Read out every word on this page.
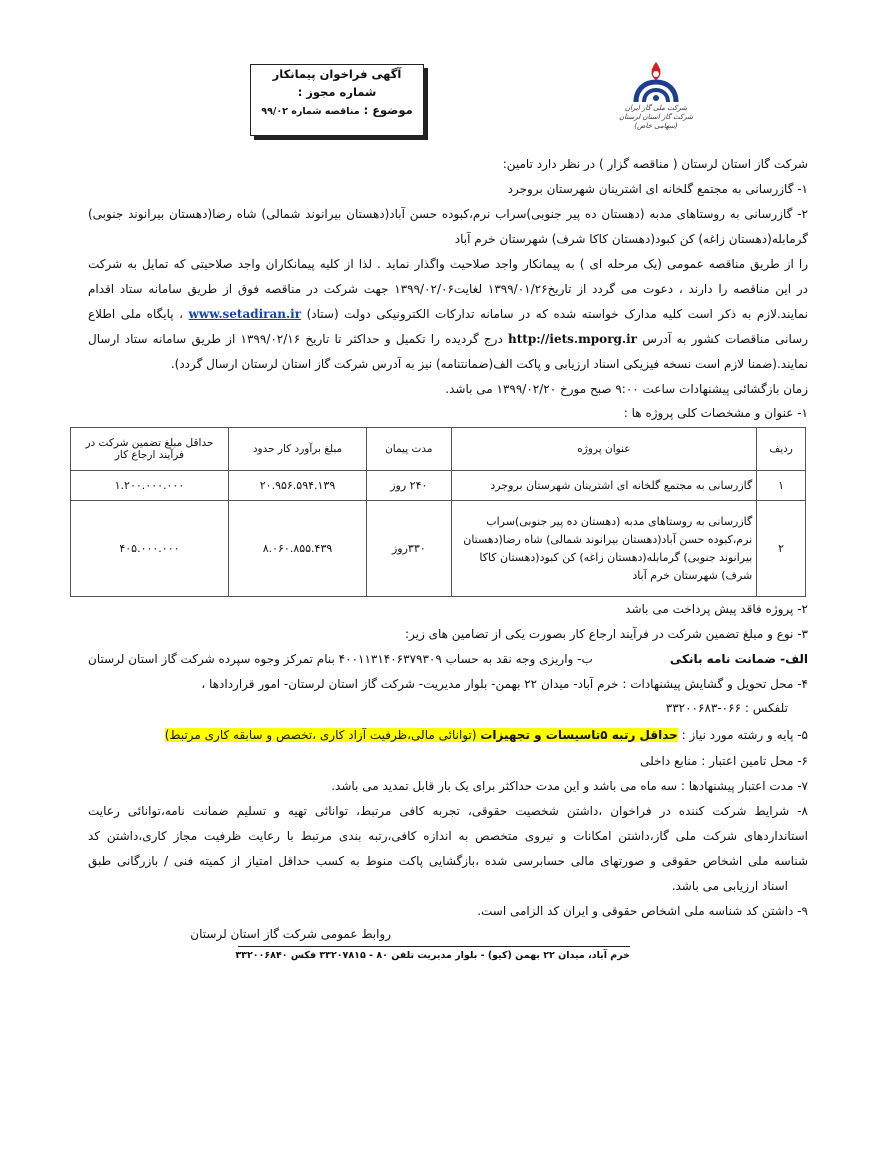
آگهی فراخوان پیمانکار
شماره مجوز :
موضوع : مناقصه شماره ۹۹/۰۲	شرکت ملی گاز ایران
شرکت گاز استان لرستان (سهامی خاص)
شرکت گاز استان لرستان ( مناقصه گزار ) در نظر دارد تامین:
۱- گازرسانی به مجتمع گلخانه ای اشترینان شهرستان بروجرد
۲- گازرسانی به روستاهای مدبه (دهستان ده پیر جنوبی)سراب نرم،کبوده حسن آباد(دهستان بیرانوند شمالی) شاه رضا(دهستان بیرانوند جنوبی)
گرمابله(دهستان زاغه) کن کبود(دهستان کاکا شرف) شهرستان خرم آباد
را از طریق مناقصه عمومی (یک مرحله ای ) به پیمانکار واجد صلاحیت واگذار نماید . لذا از کلیه پیمانکاران واجد صلاحیتی که تمایل به شرکت
در این مناقصه را دارند ، دعوت می گردد از تاریخ۱۳۹۹/۰۱/۲۶ لغایت۱۳۹۹/۰۲/۰۶ جهت شرکت در مناقصه فوق از طریق سامانه ستاد اقدام
نمایند.لازم به ذکر است کلیه مدارک خواسته شده که در سامانه تدارکات الکترونیکی دولت (ستاد) www.setadiran.ir ، پایگاه ملی اطلاع
رسانی مناقصات کشور به آدرس http://iets.mporg.ir درج گردیده را تکمیل و حداکثر تا تاریخ ۱۳۹۹/۰۲/۱۶ از طریق سامانه ستاد ارسال
نمایند.(ضمنا لازم است نسخه فیزیکی اسناد ارزیابی و پاکت الف(ضمانتنامه) نیز به آدرس شرکت گاز استان لرستان ارسال گردد).
زمان بازگشائی پیشنهادات ساعت ۹:۰۰ صبح مورخ ۱۳۹۹/۰۲/۲۰ می باشد.
۱- عنوان و مشخصات کلی پروژه ها :
ردیف	عنوان پروژه	مدت پیمان	مبلغ برآورد کار حدود	حداقل مبلغ تضمین شرکت در فرآیند ارجاع کار
۱	گازرسانی به مجتمع گلخانه ای اشترینان شهرستان بروجرد	۲۴۰ روز	۲۰.۹۵۶.۵۹۴.۱۳۹	۱.۲۰۰.۰۰۰.۰۰۰
۲	گازرسانی به روستاهای مدبه (دهستان ده پیر جنوبی)سراب نرم،کبوده حسن آباد(دهستان بیرانوند شمالی) شاه رضا(دهستان بیرانوند جنوبی) گرمابله(دهستان زاغه) کن کبود(دهستان کاکا شرف) شهرستان خرم آباد	۳۳۰روز	۸.۰۶۰.۸۵۵.۴۳۹	۴۰۵.۰۰۰.۰۰۰
۲- پروژه فاقد پیش پرداخت می باشد
۳- نوع و مبلغ تضمین شرکت در فرآیند ارجاع کار بصورت یکی از تضامین های زیر:
الف- ضمانت نامه بانکی
ب- واریزی وجه نقد به حساب ۴۰۰۱۱۳۱۴۰۶۳۷۹۳۰۹ بنام تمرکز وجوه سپرده شرکت گاز استان لرستان
۴- محل تحویل و گشایش پیشنهادات : خرم آباد- میدان ۲۲ بهمن- بلوار مدیریت- شرکت گاز استان لرستان- امور قراردادها ،
تلفکس : ۰۶۶-۳۳۲۰۰۶۸۳
۵- پایه و رشته مورد نیاز : حداقل رتبه ۵تاسیسات و تجهیزات (توانائی مالی،ظرفیت آزاد کاری ،تخصص و سابقه کاری مرتبط)
۶- محل تامین اعتبار : منابع داخلی
۷- مدت اعتبار پیشنهادها : سه ماه می باشد و این مدت حداکثر برای یک بار قابل تمدید می باشد.
۸- شرایط شرکت کننده در فراخوان ،داشتن شخصیت حقوقی، تجربه کافی مرتبط، توانائی تهیه و تسلیم ضمانت نامه،توانائی رعایت
استانداردهای شرکت ملی گاز،داشتن امکانات و نیروی متخصص به اندازه کافی،رتبه بندی مرتبط با رعایت ظرفیت مجاز کاری،داشتن کد
شناسه ملی اشخاص حقوقی و صورتهای مالی حسابرسی شده ،بازگشایی پاکت منوط به کسب حداقل امتیاز از کمیته فنی / بازرگانی طبق
اسناد ارزیابی می باشد.
۹- داشتن کد شناسه ملی اشخاص حقوقی و ایران کد الزامی است.
روابط عمومی شرکت گاز استان لرستان
خرم آباد، میدان ۲۲ بهمن (کیو) - بلوار مدیریت تلفن ۸۰ - ۳۳۲۰۷۸۱۵ فکس ۳۳۲۰۰۶۸۴۰
